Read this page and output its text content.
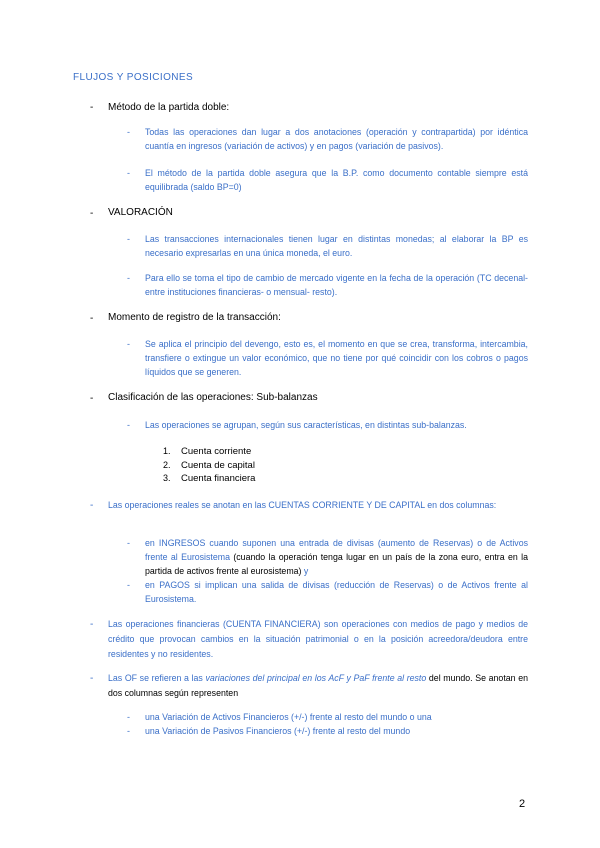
FLUJOS Y POSICIONES
- Método de la partida doble:
- Todas las operaciones dan lugar a dos anotaciones (operación y contrapartida) por idéntica cuantía en ingresos (variación de activos) y en pagos (variación de pasivos).
- El método de la partida doble asegura que la B.P. como documento contable siempre está equilibrada (saldo BP=0)
- VALORACIÓN
- Las transacciones internacionales tienen lugar en distintas monedas; al elaborar la BP es necesario expresarlas en una única moneda, el euro.
- Para ello se toma el tipo de cambio de mercado vigente en la fecha de la operación (TC decenal- entre instituciones financieras- o mensual- resto).
- Momento de registro de la transacción:
- Se aplica el principio del devengo, esto es, el momento en que se crea, transforma, intercambia, transfiere o extingue un valor económico, que no tiene por qué coincidir con los cobros o pagos líquidos que se generen.
- Clasificación de las operaciones: Sub-balanzas
- Las operaciones se agrupan, según sus características, en distintas sub-balanzas.
1. Cuenta corriente
2. Cuenta de capital
3. Cuenta financiera
- Las operaciones reales se anotan en las CUENTAS CORRIENTE Y DE CAPITAL en dos columnas:
- en INGRESOS cuando suponen una entrada de divisas (aumento de Reservas) o de Activos frente al Eurosistema (cuando la operación tenga lugar en un país de la zona euro, entra en la partida de activos frente al eurosistema) y
- en PAGOS si implican una salida de divisas (reducción de Reservas) o de Activos frente al Eurosistema.
- Las operaciones financieras (CUENTA FINANCIERA) son operaciones con medios de pago y medios de crédito que provocan cambios en la situación patrimonial o en la posición acreedora/deudora entre residentes y no residentes.
- Las OF se refieren a las variaciones del principal en los AcF y PaF frente al resto del mundo. Se anotan en dos columnas según representen
- una Variación de Activos Financieros (+/-) frente al resto del mundo o una
- una Variación de Pasivos Financieros (+/-) frente al resto del mundo
2
